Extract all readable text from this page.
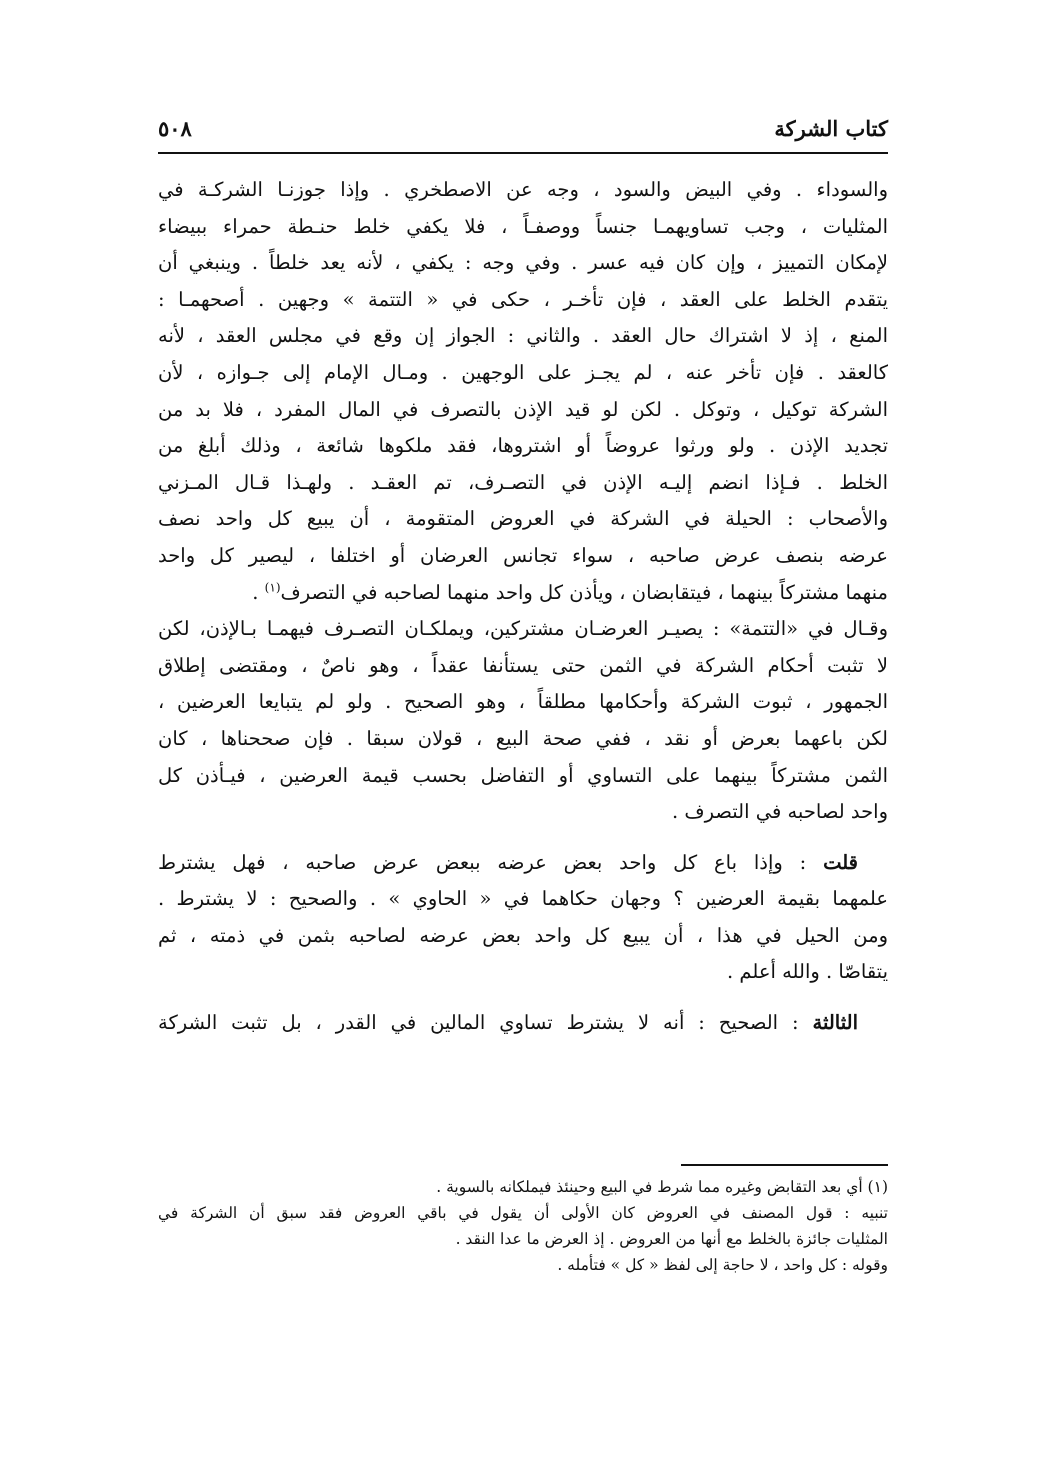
كتاب الشركة
٥٠٨
والسوداء . وفي البيض والسود ، وجه عن الاصطخري . وإذا جوزنـا الشركـة في
المثليات ، وجب تساويهمـا جنساً ووصفـاً ، فلا يكفي خلط حنـطة حمراء ببيضاء
لإمكان التمييز ، وإن كان فيه عسر . وفي وجه : يكفي ، لأنه يعد خلطاً . وينبغي أن
يتقدم الخلط على العقد ، فإن تأخـر ، حكى في « التتمة » وجهين . أصحهمـا :
المنع ، إذ لا اشتراك حال العقد . والثاني : الجواز إن وقع في مجلس العقد ، لأنه
كالعقد . فإن تأخر عنه ، لم يجـز على الوجهين . ومـال الإمام إلى جـوازه ، لأن
الشركة توكيل ، وتوكل . لكن لو قيد الإذن بالتصرف في المال المفرد ، فلا بد من
تجديد الإذن . ولو ورثوا عروضاً أو اشتروها، فقد ملكوها شائعة ، وذلك أبلغ من
الخلط . فـإذا انضم إليـه الإذن في التصـرف، تم العقـد . ولهـذا قـال المـزني
والأصحاب : الحيلة في الشركة في العروض المتقومة ، أن يبيع كل واحد نصف
عرضه بنصف عرض صاحبه ، سواء تجانس العرضان أو اختلفا ، ليصير كل واحد
منهما مشتركاً بينهما ، فيتقابضان ، ويأذن كل واحد منهما لصاحبه في التصرف$^{(١)}$ .
وقـال في «التتمة» : يصيـر العرضـان مشتركين، ويملكـان التصـرف فيهمـا بـالإذن، لكن
لا تثبت أحكام الشركة في الثمن حتى يستأنفا عقداً ، وهو ناصٌ ، ومقتضى إطلاق
الجمهور ، ثبوت الشركة وأحكامها مطلقاً ، وهو الصحيح . ولو لم يتبايعا العرضين ،
لكن باعهما بعرض أو نقد ، ففي صحة البيع ، قولان سبقا . فإن صححناها ، كان
الثمن مشتركاً بينهما على التساوي أو التفاضل بحسب قيمة العرضين ، فيـأذن كل
واحد لصاحبه في التصرف .
قلت : وإذا باع كل واحد بعض عرضه ببعض عرض صاحبه ، فهل يشترط
علمهما بقيمة العرضين ؟ وجهان حكاهما في « الحاوي » . والصحيح : لا يشترط .
ومن الحيل في هذا ، أن يبيع كل واحد بعض عرضه لصاحبه بثمن في ذمته ، ثم
يتقاصّا . والله أعلم .
الثالثة : الصحيح : أنه لا يشترط تساوي المالين في القدر ، بل تثبت الشركة
(١) أي بعد التقابض وغيره مما شرط في البيع وحينئذ فيملكانه بالسوية .
تنبيه : قول المصنف في العروض كان الأولى أن يقول في باقي العروض فقد سبق أن الشركة في
المثليات جائزة بالخلط مع أنها من العروض . إذ العرض ما عدا النقد .
وقوله : كل واحد ، لا حاجة إلى لفظ « كل » فتأمله .
